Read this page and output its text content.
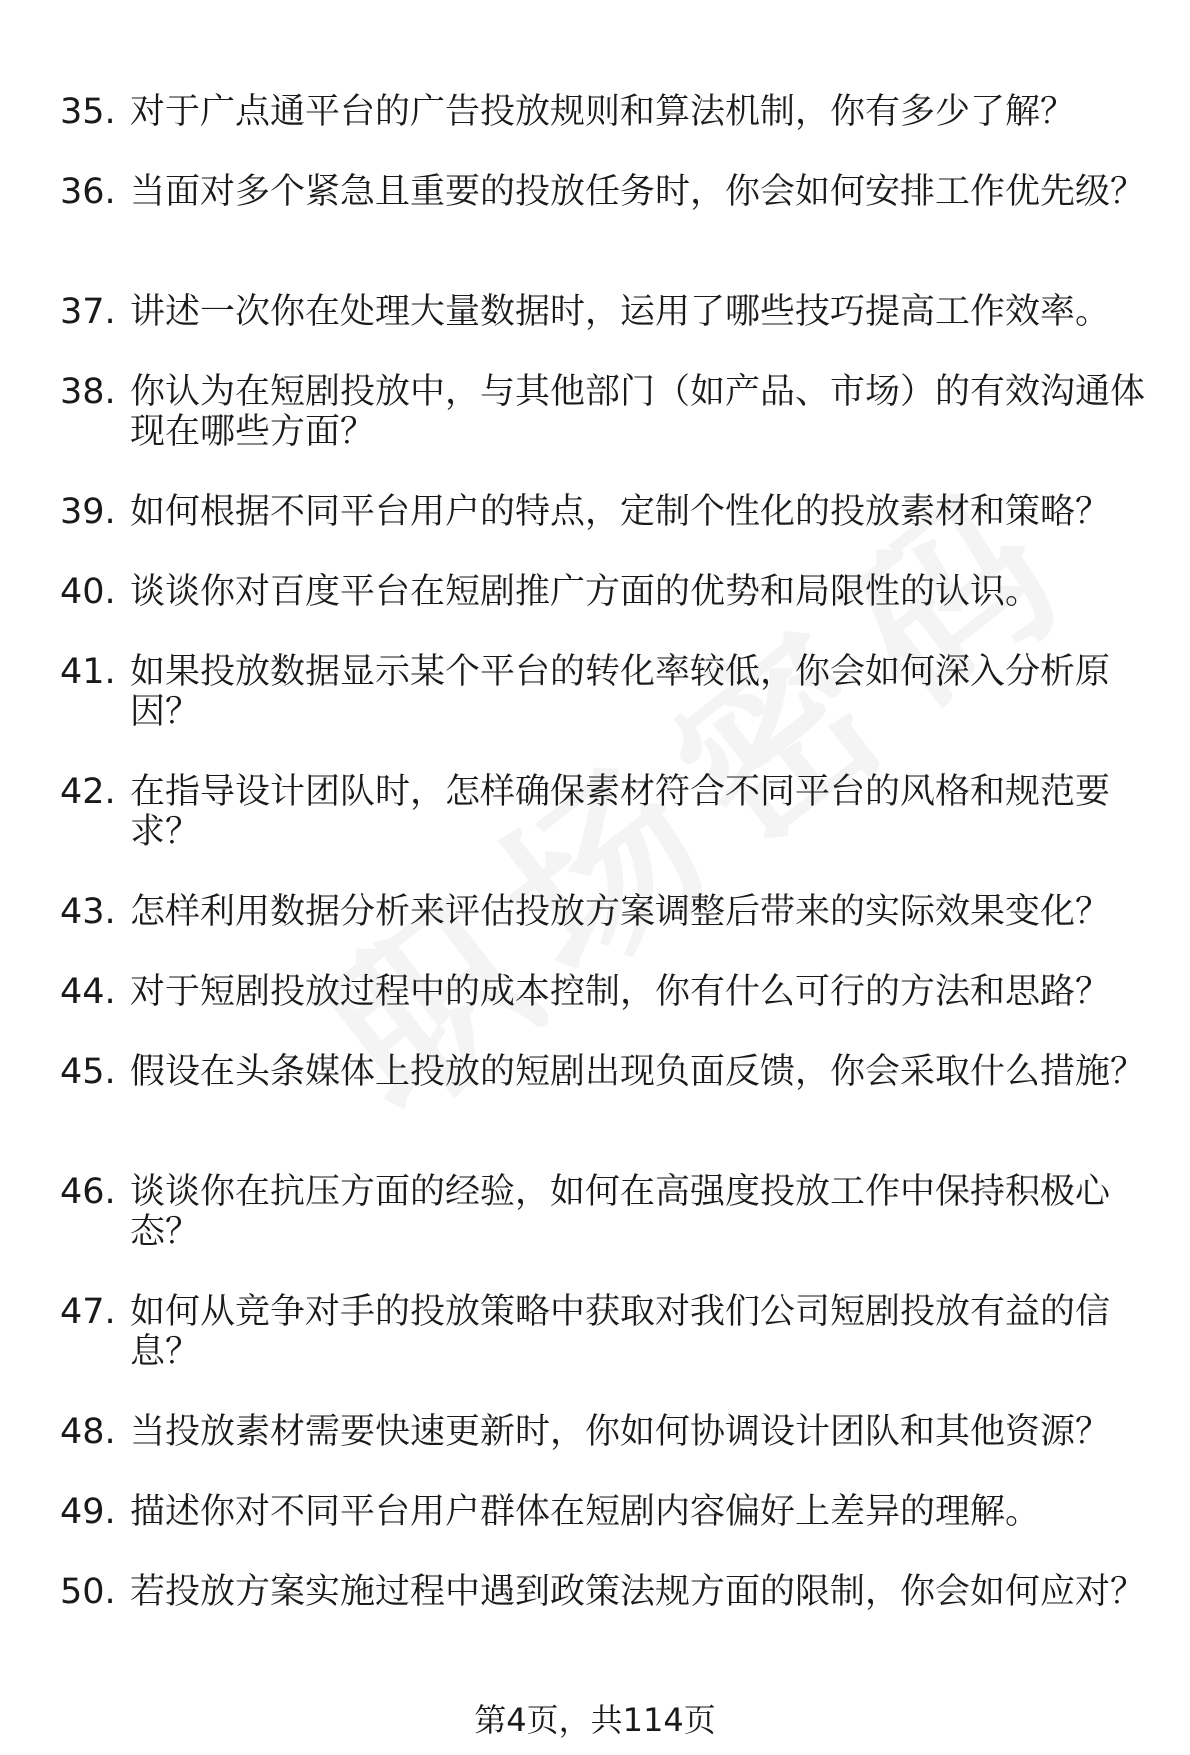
35. 对于广点通平台的广告投放规则和算法机制，你有多少了解？
36. 当面对多个紧急且重要的投放任务时，你会如何安排工作优先级？
37. 讲述一次你在处理大量数据时，运用了哪些技巧提高工作效率。
38. 你认为在短剧投放中，与其他部门（如产品、市场）的有效沟通体现在哪些方面？
39. 如何根据不同平台用户的特点，定制个性化的投放素材和策略？
40. 谈谈你对百度平台在短剧推广方面的优势和局限性的认识。
41. 如果投放数据显示某个平台的转化率较低，你会如何深入分析原因？
42. 在指导设计团队时，怎样确保素材符合不同平台的风格和规范要求？
43. 怎样利用数据分析来评估投放方案调整后带来的实际效果变化？
44. 对于短剧投放过程中的成本控制，你有什么可行的方法和思路？
45. 假设在头条媒体上投放的短剧出现负面反馈，你会采取什么措施？
46. 谈谈你在抗压方面的经验，如何在高强度投放工作中保持积极心态？
47. 如何从竞争对手的投放策略中获取对我们公司短剧投放有益的信息？
48. 当投放素材需要快速更新时，你如何协调设计团队和其他资源？
49. 描述你对不同平台用户群体在短剧内容偏好上差异的理解。
50. 若投放方案实施过程中遇到政策法规方面的限制，你会如何应对？
第4页，共114页
